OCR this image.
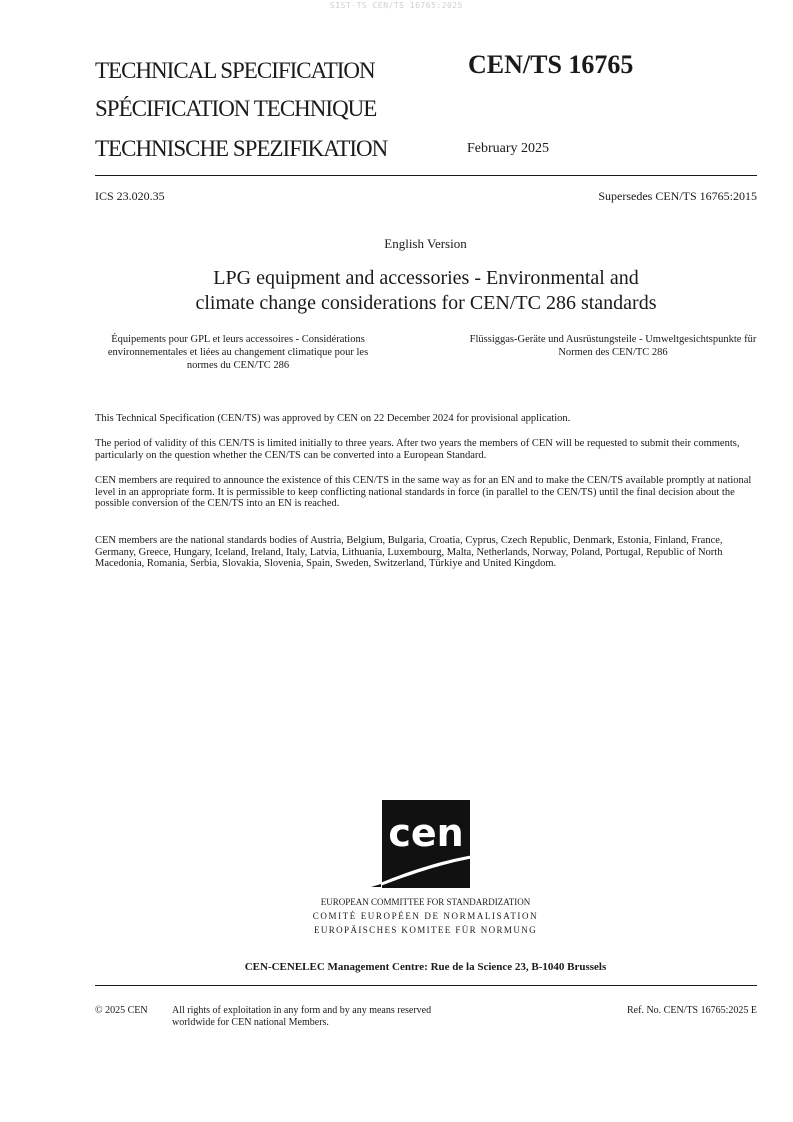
SIST-TS CEN/TS 16765:2025
TECHNICAL SPECIFICATION
SPÉCIFICATION TECHNIQUE
TECHNISCHE SPEZIFIKATION
CEN/TS 16765
February 2025
ICS 23.020.35	Supersedes CEN/TS 16765:2015
English Version
LPG equipment and accessories - Environmental and
climate change considerations for CEN/TC 286 standards
Équipements pour GPL et leurs accessoires - Considérations environnementales et liées au changement climatique pour les normes du CEN/TC 286
Flüssiggas-Geräte und Ausrüstungsteile - Umweltgesichtspunkte für Normen des CEN/TC 286
This Technical Specification (CEN/TS) was approved by CEN on 22 December 2024 for provisional application.
The period of validity of this CEN/TS is limited initially to three years. After two years the members of CEN will be requested to submit their comments, particularly on the question whether the CEN/TS can be converted into a European Standard.
CEN members are required to announce the existence of this CEN/TS in the same way as for an EN and to make the CEN/TS available promptly at national level in an appropriate form. It is permissible to keep conflicting national standards in force (in parallel to the CEN/TS) until the final decision about the possible conversion of the CEN/TS into an EN is reached.
CEN members are the national standards bodies of Austria, Belgium, Bulgaria, Croatia, Cyprus, Czech Republic, Denmark, Estonia, Finland, France, Germany, Greece, Hungary, Iceland, Ireland, Italy, Latvia, Lithuania, Luxembourg, Malta, Netherlands, Norway, Poland, Portugal, Republic of North Macedonia, Romania, Serbia, Slovakia, Slovenia, Spain, Sweden, Switzerland, Türkiye and United Kingdom.
cen
EUROPEAN COMMITTEE FOR STANDARDIZATION
COMITÉ EUROPÉEN DE NORMALISATION
EUROPÄISCHES KOMITEE FÜR NORMUNG
CEN-CENELEC Management Centre: Rue de la Science 23, B-1040 Brussels
© 2025 CEN All rights of exploitation in any form and by any means reserved
worldwide for CEN national Members.
Ref. No. CEN/TS 16765:2025 E
